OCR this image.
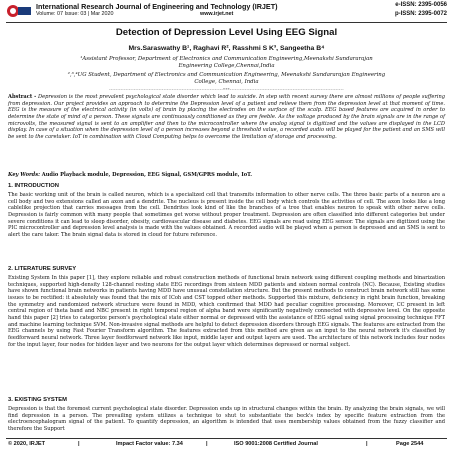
International Research Journal of Engineering and Technology (IRJET)
Volume: 07 Issue: 03 | Mar 2020	www.irjet.net
e-ISSN: 2395-0056
p-ISSN: 2395-0072
Detection of Depression Level Using EEG Signal
Mrs.Saraswathy B¹, Raghavi R², Rasshmi S K³, Sangeetha B⁴
¹Assistant Professor, Department of Electronics and Communication Engineering,Meenakshi Sundararajan
Engineering College,Chennai,India
²,³,⁴UG Student, Department of Electronics and Communication Engineering, Meenakshi Sundararajan Engineering
College, Chennai, India
---------------------------------------------------------------------***---------------------------------------------------------------------
Abstract - Depression is the most prevalent psychological state disorder which lead to suicide. In step with recent survey there are almost millions of people suffering from depression. Our project provides an approach to determine the Depression level of a patient and relieve them from the depression level at that moment of time. EEG is the measure of the electrical activity (in volts) of brain by placing the electrodes on the surface of the scalp. EEG based features are acquired in order to determine the state of mind of a person. These signals are continuously conditioned as they are feeble. As the voltage produced by the brain signals are in the range of microvolts, the measured signal is sent to an amplifier and then to the microcontroller where the analog signal is digitized and the values are displayed in the LCD display. In case of a situation when the depression level of a person increases beyond a threshold value, a recorded audio will be played for the patient and an SMS will be sent to the caretaker. IoT in combination with Cloud Computing helps to overcome the limitation of storage and processing.
Key Words: Audio Playback module, Depression, EEG Signal, GSM/GPRS module, IoT.
1. INTRODUCTION
The basic working unit of the brain is called neuron, which is a specialized cell that transmits information to other nerve cells. The three basic parts of a neuron are a cell body and two extensions called an axon and a dendrite. The nucleus is present inside the cell body which controls the activities of cell. The axon looks like a long cablelike projection that carries messages from the cell. Dendrites look kind of like the branches of a tree that enables neuron to speak with other nerve cells. Depression is fairly common with many people that sometimes get worse without proper treatment. Depression are often classified into different categories but under severe conditions it can lead to sleep disorder, obesity, cardiovascular disease and diabetes. EEG signals are read using EEG sensor. The signals are digitized using the PIC microcontroller and depression level analysis is made with the values obtained. A recorded audio will be played when a person is depressed and an SMS is sent to alert the care taker. The brain signal data is stored in cloud for future reference.
2. LITERATURE SURVEY
Existing System In this paper [1], they explore reliable and robust construction methods of functional brain network using different coupling methods and binarization techniques, supported high-density 128-channel resting state EEG recordings from sixteen MDD patients and sixteen normal controls (NC). Because, Existing studies have shown functional brain networks in patients having MDD have unusual constellation structure. But the present methods to construct brain network still has some issues to be rectified: it absolutely was found that the mix of ICoh and CST topped other methods. Supported this mixture, deficiency in right brain function, breaking the symmetry and randomized network structure were found in MDD, which confirmed that MDD had peculiar cognitive processing. Moreover, CC present in left central region of theta band and NBC present in right temporal region of alpha band were significantly negatively connected with depressive level. On the opposite hand this paper [2] tries to categorize person's psychological state either normal or depressed with the assistance of EEG signal using signal processing technique FFT and machine learning technique SVM. Non-invasive signal methods are helpful to detect depression disorders through EEG signals. The features are extracted from the EEG channels by using Fast Fourier Transform algorithm. The features extracted from this method are given as an input to the neural network it's classified by feedforward neural network. Three layer feedforward network like input, middle layer and output layers are used. The architecture of this network includes four nodes for the input layer, four nodes for hidden layer and two neurons for the output layer which determines depressed or normal subject.
3. EXISTING SYSTEM
Depression is that the foremost current psychological state disorder. Depression ends up in structural changes within the brain. By analyzing the brain signals, we will find depression in a person. The prevailing system utilizes a technique to shut to substantiate the beck's index by specific feature extraction from the electroencephalogram signal of the patient. To quantify depression, an algorithm is intended that uses membership values obtained from the fuzzy classifier and therefore the Support
© 2020, IRJET	|	Impact Factor value: 7.34	|	ISO 9001:2008 Certified Journal	|	Page 2544
